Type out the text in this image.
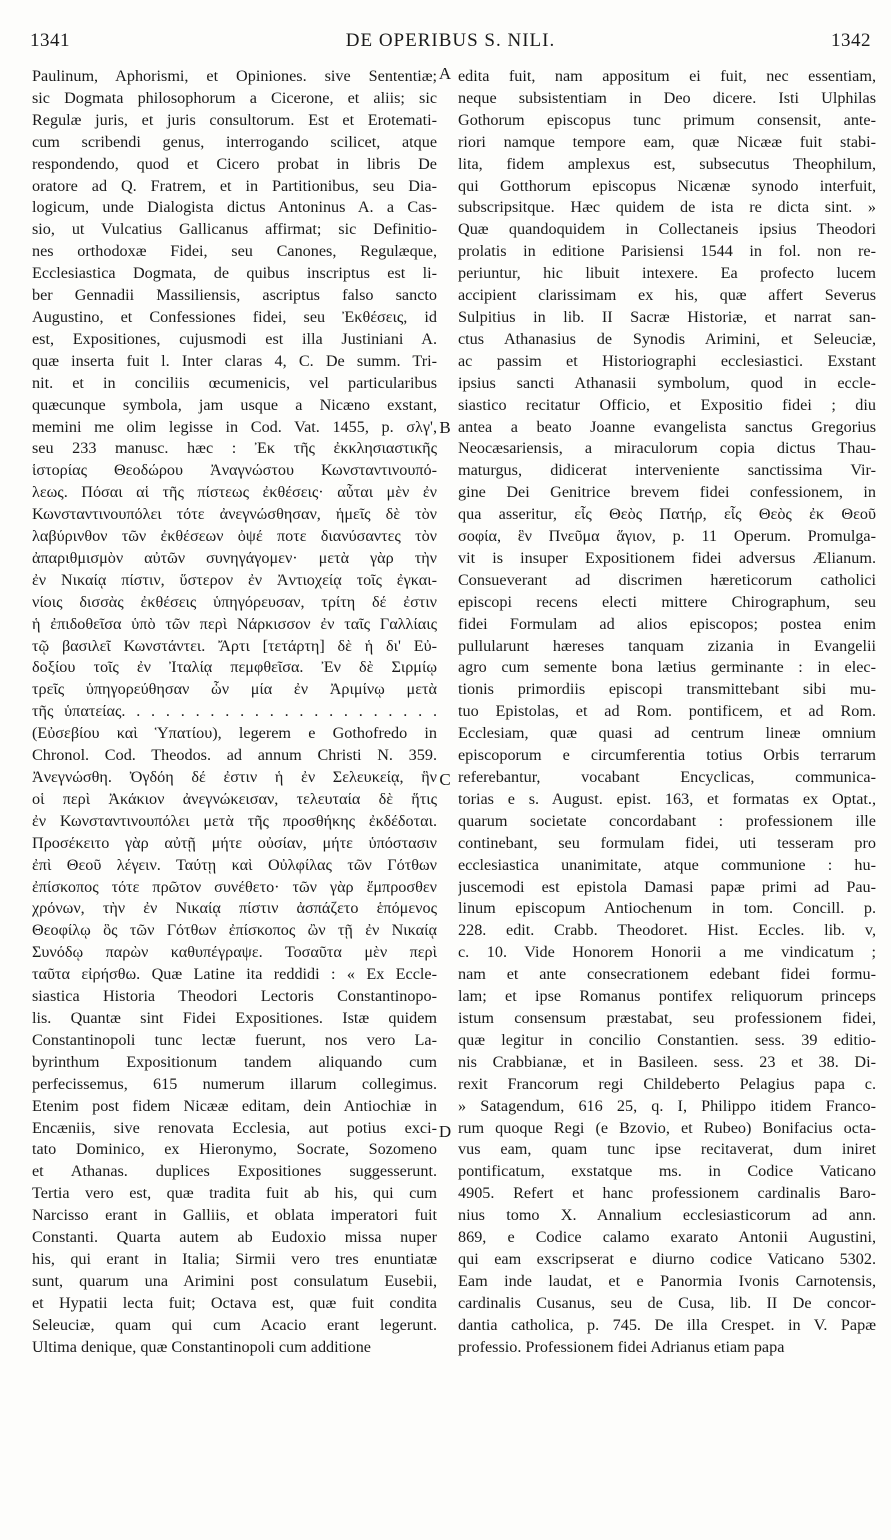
1341	DE OPERIBUS S. NILI.	1342
A
B
C
D

Paulinum, Aphorismi, et Opiniones. sive Sententiæ;

sic Dogmata philosophorum a Cicerone, et aliis; sic

Regulæ juris, et juris consultorum. Est et Erotemati-

cum scribendi genus, interrogando scilicet, atque

respondendo, quod et Cicero probat in libris De

oratore ad Q. Fratrem, et in Partitionibus, seu Dia-

logicum, unde Dialogistа dictus Antoninus A. a Cas-

sio, ut Vulcatius Gallicanus affirmat; sic Definitio-

nes orthodoxæ Fidei, seu Canones, Regulæque,

Ecclesiastica Dogmata, de quibus inscriptus est li-

ber Gennadii Massiliensis, ascriptus falso sancto

Augustino, et Confessiones fidei, seu Ἐκθέσεις, id

est, Expositiones, cujusmodi est illa Justiniani A.

quæ inserta fuit l. Inter claras 4, C. De summ. Tri-

nit. et in conciliis œcumenicis, vel particularibus

quæcunque symbola, jam usque a Nicæno exstant,

memini me olim legisse in Cod. Vat. 1455, p. σλγ',

seu 233 manusc. hæc : Ἐκ τῆς ἐκκλησιαστικῆς

ἱστορίας Θεοδώρου Ἀναγνώστου Κωνσταντινουπό-

λεως. Πόσαι αἱ τῆς πίστεως ἐκθέσεις· αὗται μὲν ἐν

Κωνσταντινουπόλει τότε ἀνεγνώσθησαν, ἡμεῖς δὲ τὸν

λαβύρινθον τῶν ἐκθέσεων ὀψέ ποτε διανύσαντες τὸν

ἀπαριθμισμὸν αὐτῶν συνηγάγομεν· μετὰ γὰρ τὴν

ἐν Νικαίᾳ πίστιν, ὕστερον ἐν Ἀντιοχείᾳ τοῖς ἐγκαι-

νίοις δισσὰς ἐκθέσεις ὑπηγόρευσαν, τρίτη δέ ἐστιν

ἡ ἐπιδοθεῖσα ὑπὸ τῶν περὶ Νάρκισσον ἐν ταῖς Γαλλίαις

τῷ βασιλεῖ Κωνστάντει. Ἄρτι [τετάρτη] δὲ ἡ δι' Εὐ-

δοξίου τοῖς ἐν Ἰταλίᾳ πεμφθεῖσα. Ἐν δὲ Σιρμίῳ

τρεῖς ὑπηγορεύθησαν ὧν μία ἐν Ἀριμίνῳ μετὰ

τῆς ὑπατείας. . . . . . . . . . . . . . . . . . . . . .

(Εὐσεβίου καὶ Ὑπατίου), legerem e Gothofredo in

Chronol. Cod. Theodos. ad annum Christi N. 359.

Ἀνεγνώσθη. Ὀγδόη δέ ἐστιν ἡ ἐν Σελευκείᾳ, ἣν

οἱ περὶ Ἀκάκιον ἀνεγνώκεισαν, τελευταία δὲ ἥτις

ἐν Κωνσταντινουπόλει μετὰ τῆς προσθήκης ἐκδέδοται.

Προσέκειτο γὰρ αὐτῇ μήτε οὐσίαν, μήτε ὑπόστασιν

ἐπὶ Θεοῦ λέγειν. Ταύτῃ καὶ Οὐλφίλας τῶν Γότθων

ἐπίσκοπος τότε πρῶτον συνέθετο· τῶν γὰρ ἔμπροσθεν

χρόνων, τὴν ἐν Νικαίᾳ πίστιν ἀσπάζετο ἑπόμενος

Θεοφίλῳ ὃς τῶν Γότθων ἐπίσκοπος ὢν τῇ ἐν Νικαίᾳ

Συνόδῳ παρὼν καθυπέγραψε. Τοσαῦτα μὲν περὶ

ταῦτα εἰρήσθω. Quæ Latine ita reddidi : « Ex Eccle-

siastica Historia Theodori Lectoris Constantinopo-

lis. Quantæ sint Fidei Expositiones. Istæ quidem

Constantinopoli tunc lectæ fuerunt, nos vero La-

byrinthum Expositionum tandem aliquando cum

perfecissemus, 615 numerum illarum collegimus.

Etenim post fidem Nicææ editam, dein Antiochiæ in

Encæniis, sive renovata Ecclesia, aut potius exci-

tato Dominico, ex Hieronymo, Socrate, Sozomeno

et Athanas. duplices Expositiones suggesserunt.

Tertia vero est, quæ tradita fuit ab his, qui cum

Narcisso erant in Galliis, et oblata imperatori fuit

Constanti. Quarta autem ab Eudoxio missa nuper

his, qui erant in Italia; Sirmii vero tres enuntiatæ

sunt, quarum una Arimini post consulatum Eusebii,

et Hypatii lecta fuit; Octava est, quæ fuit condita

Seleuciæ, quam qui cum Acacio erant legerunt.

Ultima denique, quæ Constantinopoli cum additione

edita fuit, nam appositum ei fuit, nec essentiam,

neque subsistentiam in Deo dicere. Isti Ulphilas

Gothorum episcopus tunc primum consensit, ante-

riori namque tempore eam, quæ Nicææ fuit stabi-

lita, fidem amplexus est, subsecutus Theophilum,

qui Gotthorum episcopus Nicænæ synodo interfuit,

subscripsitque. Hæc quidem de ista re dicta sint. »

Quæ quandoquidem in Collectaneis ipsius Theodori

prolatis in editione Parisiensi 1544 in fol. non re-

periuntur, hic libuit intexere. Ea profecto lucem

accipient clarissimam ex his, quæ affert Severus

Sulpitius in lib. II Sacræ Historiæ, et narrat san-

ctus Athanasius de Synodis Arimini, et Seleuciæ,

ac passim et Historiographi ecclesiastici. Exstant

ipsius sancti Athanasii symbolum, quod in eccle-

siastico recitatur Officio, et Expositio fidei ; diu

antea a beato Joanne evangelista sanctus Gregorius

Neocæsariensis, a miraculorum copia dictus Thau-

maturgus, didicerat interveniente sanctissima Vir-

gine Dei Genitrice brevem fidei confessionem, in

qua asseritur, εἷς Θεὸς Πατήρ, εἷς Θεὸς ἐκ Θεοῦ

σοφία, ἓν Πνεῦμα ἅγιον, p. 11 Operum. Promulga-

vit is insuper Expositionem fidei adversus Ælianum.

Consueverant ad discrimen hæreticorum catholici

episcopi recens electi mittere Chirographum, seu

fidei Formulam ad alios episcopos; postea enim

pullularunt hæreses tanquam zizania in Evangelii

agro cum semente bona lætius germinante : in elec-

tionis primordiis episcopi transmittebant sibi mu-

tuo Epistolas, et ad Rom. pontificem, et ad Rom.

Ecclesiam, quæ quasi ad centrum lineæ omnium

episcoporum e circumferentia totius Orbis terrarum

referebantur, vocabant Encyclicas, communica-

torias e s. August. epist. 163, et formatas ex Optat.,

quarum societate concordabant : professionem ille

continebant, seu formulam fidei, uti tesseram pro

ecclesiastica unanimitate, atque communione : hu-

juscemodi est epistola Damasi papæ primi ad Pau-

linum episcopum Antiochenum in tom. Concill. p.

228. edit. Crabb. Theodoret. Hist. Eccles. lib. v,

c. 10. Vide Honorem Honorii a me vindicatum ;

nam et ante consecrationem edebant fidei formu-

lam; et ipse Romanus pontifex reliquorum princeps

istum consensum præstabat, seu professionem fidei,

quæ legitur in concilio Constantien. sess. 39 editio-

nis Crabbianæ, et in Basileen. sess. 23 et 38. Di-

rexit Francorum regi Childeberto Pelagius papa c.

» Satagendum, 616 25, q. I, Philippo itidem Franco-

rum quoque Regi (e Bzovio, et Rubeo) Bonifacius octa-

vus eam, quam tunc ipse recitaverat, dum iniret

pontificatum, exstatque ms. in Codice Vaticano

4905. Refert et hanc professionem cardinalis Baro-

nius tomo X. Annalium ecclesiasticorum ad ann.

869, e Codice calamo exarato Antonii Augustini,

qui eam exscripserat e diurno codice Vaticano 5302.

Eam inde laudat, et e Panormia Ivonis Carnotensis,

cardinalis Cusanus, seu de Cusa, lib. II De concor-

dantia catholica, p. 745. De illa Crespet. in V. Papæ

professio. Professionem fidei Adrianus etiam papa
